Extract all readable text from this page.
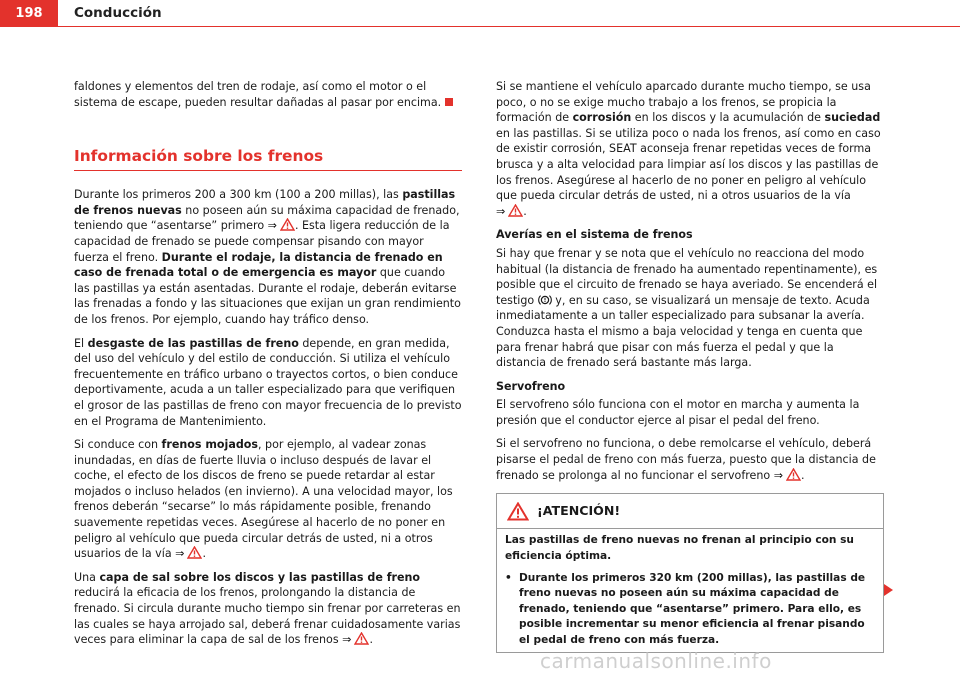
198	Conducción

faldones y elementos del tren de rodaje, así como el motor o el sistema de escape, pueden resultar dañadas al pasar por encima.

Información sobre los frenos

Durante los primeros 200 a 300 km (100 a 200 millas), las pastillas de frenos nuevas no poseen aún su máxima capacidad de frenado, teniendo que “asentarse” primero ⇒ . Esta ligera reducción de la capacidad de frenado se puede compensar pisando con mayor fuerza el freno. Durante el rodaje, la distancia de frenado en caso de frenada total o de emergencia es mayor que cuando las pastillas ya están asentadas. Durante el rodaje, deberán evitarse las frenadas a fondo y las situaciones que exijan un gran rendimiento de los frenos. Por ejemplo, cuando hay tráfico denso.

El desgaste de las pastillas de freno depende, en gran medida, del uso del vehículo y del estilo de conducción. Si utiliza el vehículo frecuentemente en tráfico urbano o trayectos cortos, o bien conduce deportivamente, acuda a un taller especializado para que verifiquen el grosor de las pastillas de freno con mayor frecuencia de lo previsto en el Programa de Mantenimiento.

Si conduce con frenos mojados, por ejemplo, al vadear zonas inundadas, en días de fuerte lluvia o incluso después de lavar el coche, el efecto de los discos de freno se puede retardar al estar mojados o incluso helados (en invierno). A una velocidad mayor, los frenos deberán “secarse” lo más rápidamente posible, frenando suavemente repetidas veces. Asegúrese al hacerlo de no poner en peligro al vehículo que pueda circular detrás de usted, ni a otros usuarios de la vía ⇒ .

Una capa de sal sobre los discos y las pastillas de freno reducirá la eficacia de los frenos, prolongando la distancia de frenado. Si circula durante mucho tiempo sin frenar por carreteras en las cuales se haya arrojado sal, deberá frenar cuidadosamente varias veces para eliminar la capa de sal de los frenos ⇒ .

Si se mantiene el vehículo aparcado durante mucho tiempo, se usa poco, o no se exige mucho trabajo a los frenos, se propicia la formación de corrosión en los discos y la acumulación de suciedad en las pastillas. Si se utiliza poco o nada los frenos, así como en caso de existir corrosión, SEAT aconseja frenar repetidas veces de forma brusca y a alta velocidad para limpiar así los discos y las pastillas de los frenos. Asegúrese al hacerlo de no poner en peligro al vehículo que pueda circular detrás de usted, ni a otros usuarios de la vía ⇒ .

Averías en el sistema de frenos

Si hay que frenar y se nota que el vehículo no reacciona del modo habitual (la distancia de frenado ha aumentado repentinamente), es posible que el circuito de frenado se haya averiado. Se encenderá el testigo  y, en su caso, se visualizará un mensaje de texto. Acuda inmediatamente a un taller especializado para subsanar la avería. Conduzca hasta el mismo a baja velocidad y tenga en cuenta que para frenar habrá que pisar con más fuerza el pedal y que la distancia de frenado será bastante más larga.

Servofreno

El servofreno sólo funciona con el motor en marcha y aumenta la presión que el conductor ejerce al pisar el pedal del freno.

Si el servofreno no funciona, o debe remolcarse el vehículo, deberá pisarse el pedal de freno con más fuerza, puesto que la distancia de frenado se prolonga al no funcionar el servofreno ⇒ .

¡ATENCIÓN!

Las pastillas de freno nuevas no frenan al principio con su eficiencia óptima.

• Durante los primeros 320 km (200 millas), las pastillas de freno nuevas no poseen aún su máxima capacidad de frenado, teniendo que “asentarse” primero. Para ello, es posible incrementar su menor eficiencia al frenar pisando el pedal de freno con más fuerza.
carmanualsonline.info
